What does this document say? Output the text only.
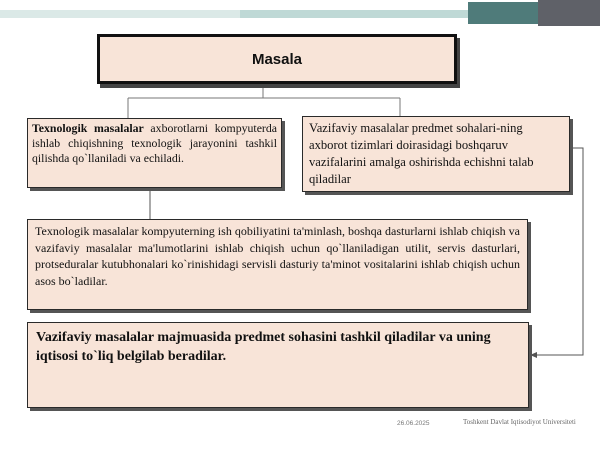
Masala
Texnologik masalalar axborotlarni kompyuterda ishlab chiqishning texnologik jarayonini tashkil qilishda qo`llaniladi va echiladi.
Vazifaviy masalalar predmet sohalari-ning axborot tizimlari doirasidagi boshqaruv vazifalarini amalga oshirishda echishni talab qiladilar
Texnologik masalalar kompyuterning ish qobiliyatini ta'minlash, boshqa dasturlarni ishlab chiqish va vazifaviy masalalar ma'lumotlarini ishlab chiqish uchun qo`llaniladigan utilit, servis dasturlari, protseduralar kutubhonalari ko`rinishidagi servisli dasturiy ta'minot vositalarini ishlab chiqish uchun asos bo`ladilar.
Vazifaviy masalalar majmuasida predmet sohasini tashkil qiladilar va uning iqtisosi to`liq belgilab beradilar.
26.06.2025	Toshkent Davlat Iqtisodiyot Universiteti
